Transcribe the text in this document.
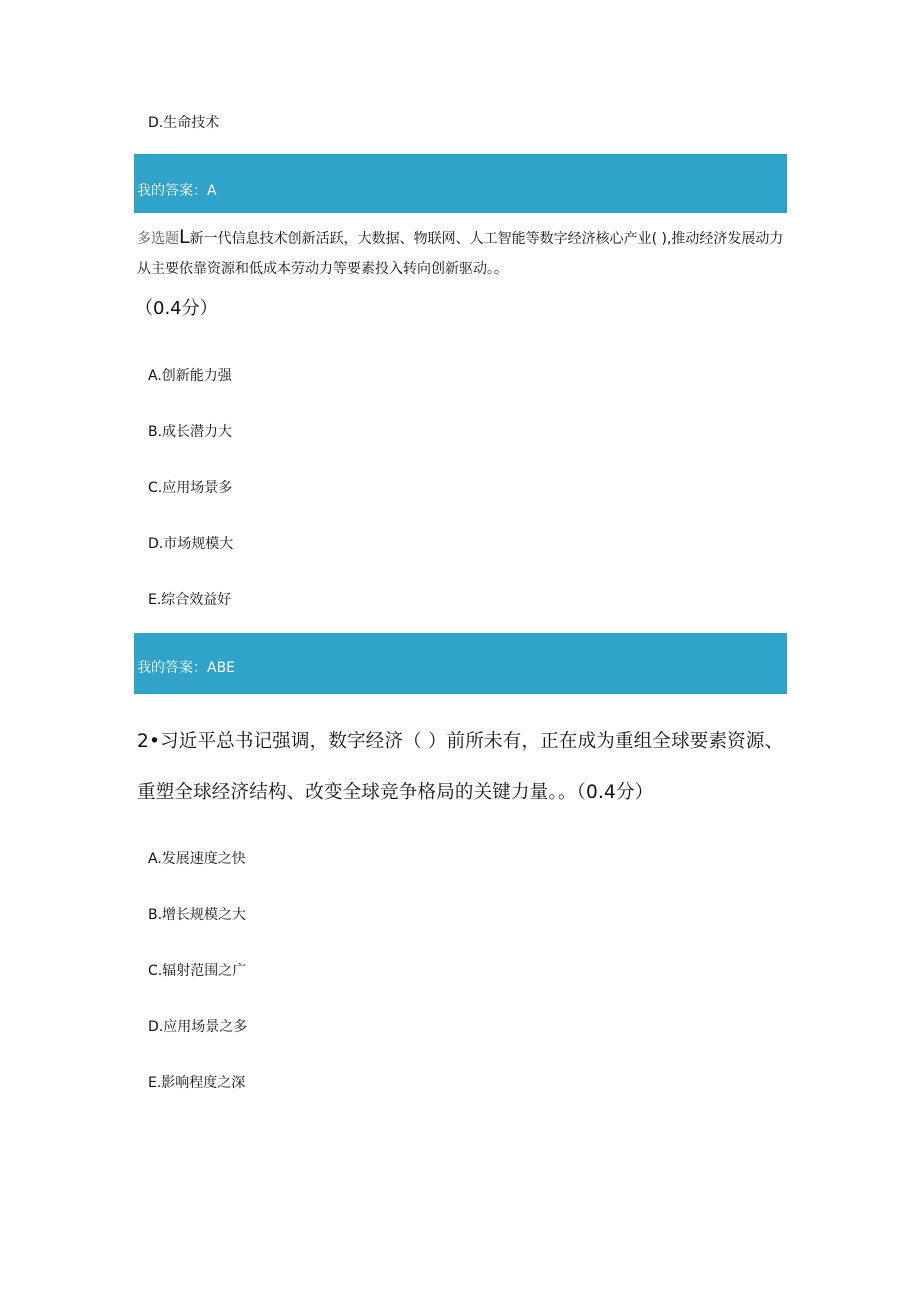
D.生命技术
我的答案：A
多选题L新一代信息技术创新活跃，大数据、物联网、人工智能等数字经济核心产业( ),推动经济发展动力从主要依靠资源和低成本劳动力等要素投入转向创新驱动。。
（0.4分）
A.创新能力强
B.成长潜力大
C.应用场景多
D.市场规模大
E.综合效益好
我的答案：ABE
2•习近平总书记强调，数字经济（ ）前所未有，正在成为重组全球要素资源、重塑全球经济结构、改变全球竞争格局的关键力量。。（0.4分）
A.发展速度之快
B.增长规模之大
C.辐射范围之广
D.应用场景之多
E.影响程度之深
